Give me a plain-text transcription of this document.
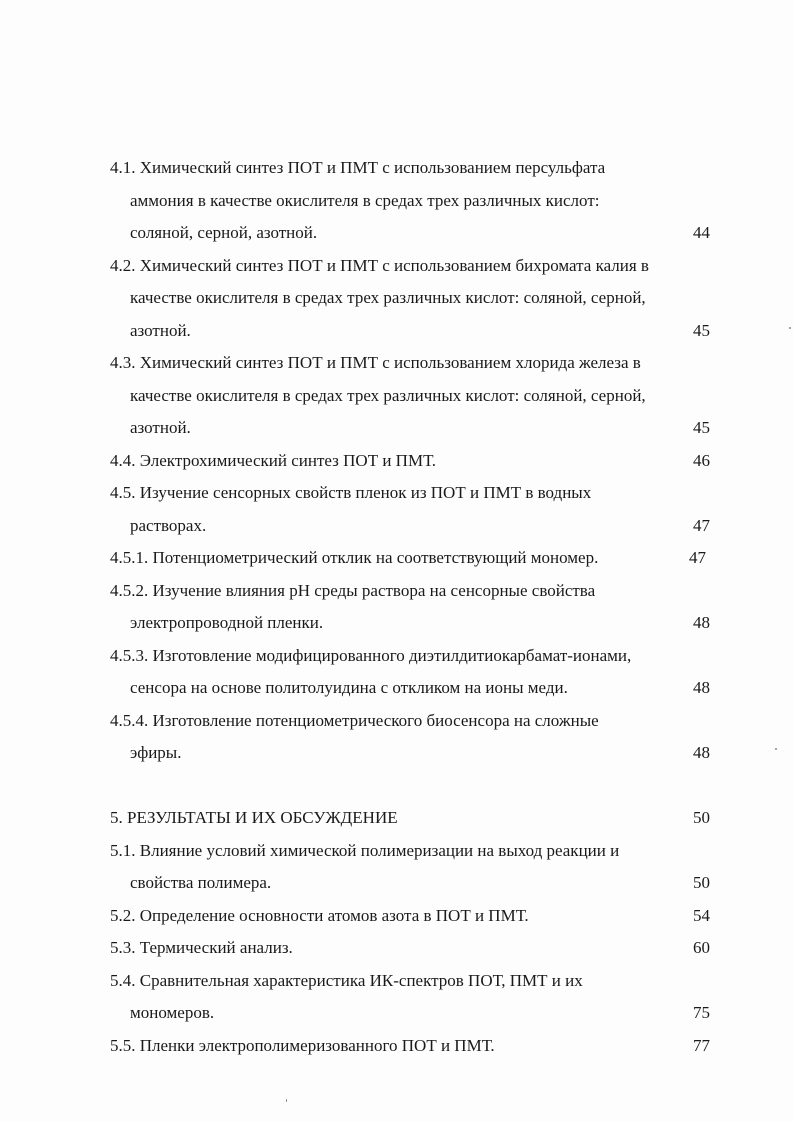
4.1. Химический синтез ПОТ и ПМТ с использованием персульфата
аммония в качестве окислителя в средах трех различных кислот:
соляной, серной, азотной.	44
4.2. Химический синтез ПОТ и ПМТ с использованием бихромата калия в
качестве окислителя в средах трех различных кислот: соляной, серной,
азотной.	45
4.3. Химический синтез ПОТ и ПМТ с использованием хлорида железа в
качестве окислителя в средах трех различных кислот: соляной, серной,
азотной.	45
4.4. Электрохимический синтез ПОТ и ПМТ.	46
4.5. Изучение сенсорных свойств пленок из ПОТ и ПМТ в водных
растворах.	47
4.5.1. Потенциометрический отклик на соответствующий мономер.	47
4.5.2. Изучение влияния рН среды раствора на сенсорные свойства
электропроводной пленки.	48
4.5.3. Изготовление модифицированного диэтилдитиокарбамат-ионами,
сенсора на основе политолуидина с откликом на ионы меди.	48
4.5.4. Изготовление потенциометрического биосенсора на сложные
эфиры.	48
5. РЕЗУЛЬТАТЫ И ИХ ОБСУЖДЕНИЕ	50
5.1. Влияние условий химической полимеризации на выход реакции и
свойства полимера.	50
5.2. Определение основности атомов азота в ПОТ и ПМТ.	54
5.3. Термический анализ.	60
5.4. Сравнительная характеристика ИК-спектров ПОТ, ПМТ и их
мономеров.	75
5.5. Пленки электрополимеризованного ПОТ и ПМТ.	77
